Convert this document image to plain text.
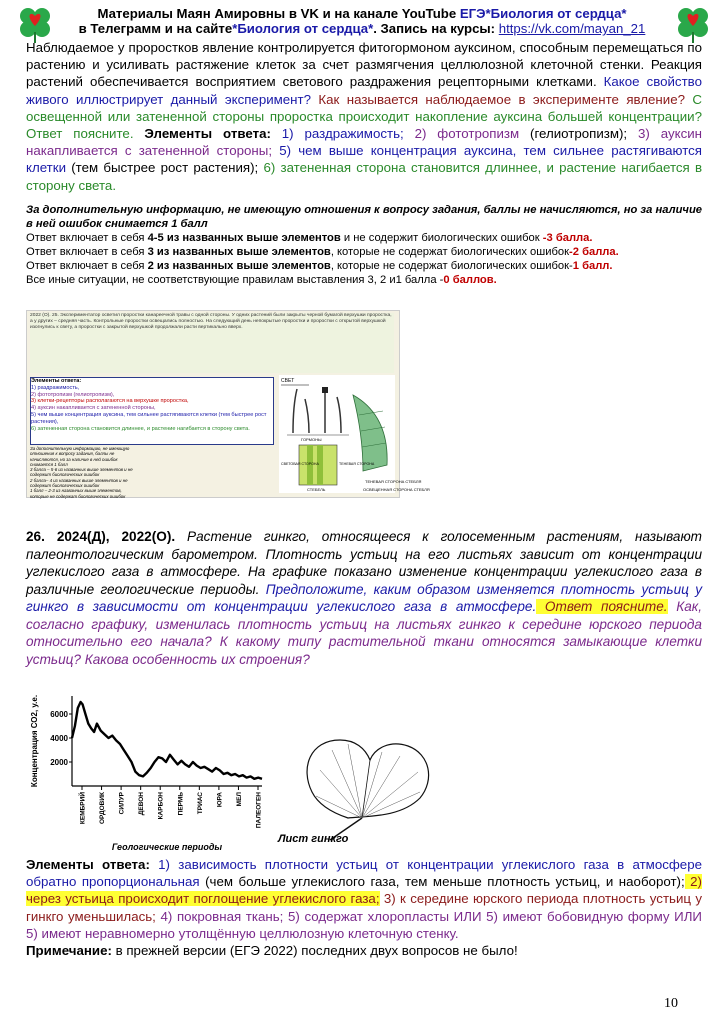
Материалы Маян Амировны в VK и на канале YouTube ЕГЭ*Биология от сердца*
в Телеграмм и на сайте*Биология от сердца*. Запись на курсы: https://vk.com/mayan_21
Наблюдаемое у проростков явление контролируется фитогормоном ауксином, способным перемещаться по растению и усиливать растяжение клеток за счет размягчения целлюлозной клеточной стенки. Реакция растений обеспечивается восприятием светового раздражения рецепторными клетками. Какое свойство живого иллюстрирует данный эксперимент? Как называется наблюдаемое в эксперименте явление? С освещенной или затененной стороны проростка происходит накопление ауксина большей концентрации? Ответ поясните. Элементы ответа: 1) раздражимость; 2) фототропизм (гелиотропизм); 3) ауксин накапливается с затененной стороны; 5) чем выше концентрация ауксина, тем сильнее растягиваются клетки (тем быстрее рост растения); 6) затененная сторона становится длиннее, и растение нагибается в сторону света.
За дополнительную информацию, не имеющую отношения к вопросу задания, баллы не начисляются, но за наличие в ней ошибок снимается 1 балл
Ответ включает в себя 4-5 из названных выше элементов и не содержит биологических ошибок -3 балла.
Ответ включает в себя 3 из названных выше элементов, которые не содержат биологических ошибок-2 балла.
Ответ включает в себя 2 из названных выше элементов, которые не содержат биологических ошибок-1 балл.
Все иные ситуации, не соответствующие правилам выставления 3, 2 и1 балла -0 баллов.
2022 (О). 25. Экспериментатор осветил проростки канареечной травы с одной стороны. У одних растений были закрыты черной бумагой верхушки проростка, а у других – средняя часть. Контрольные проростки освещались полностью. На следующий день непокрытые проростки и проростки с открытой верхушкой изогнулись к свету, а проростки с закрытой верхушкой продолжали расти вертикально вверх.
Элементы ответа:
1) раздражимость,
2) фототропизм (гелиотропизм),
3) клетки-рецепторы располагаются на верхушке проростка,
4) ауксин накапливается с затененной стороны,
5) чем выше концентрация ауксина, тем сильнее растягиваются клетки (тем быстрее рост растения),
6) затененная сторона становится длиннее, и растение нагибается в сторону света.
За дополнительную информацию, не имеющую отношения к вопросу задания, баллы не начисляются, но за наличие в ней ошибок снимается 1 балл
3 балла – 5-6 из названных выше элементов и не содержит биологических ошибок
2 балла– 4 из названных выше элементов и не содержит биологических ошибок
1 балл – 2-3 из названных выше элементов, которые не содержат биологических ошибок
СВЕТ
ТЕНЕВАЯ СТОРОНА СТЕБЛЯ
ОСВЕЩЕННАЯ СТОРОНА СТЕБЛЯ
ГОРМОНЫ
СВЕТОВАЯ СТОРОНА	ТЕНЕВАЯ СТОРОНА
СТЕБЕЛЬ
26. 2024(Д), 2022(О). Растение гинкго, относящееся к голосеменным растениям, называют палеонтологическим барометром. Плотность устьиц на его листьях зависит от концентрации углекислого газа в атмосфере. На графике показано изменение концентрации углекислого газа в различные геологические периоды. Предположите, каким образом изменяется плотность устьиц у гинкго в зависимости от концентрации углекислого газа в атмосфере. Ответ поясните. Как, согласно графику, изменилась плотность устьиц на листьях гинкго к середине юрского периода относительно его начала? К какому типу растительной ткани относятся замыкающие клетки устьиц? Какова особенность их строения?
2000
4000
6000
Концентрация СО2, у.е.
КЕМБРИЙ ОРДОВИК СИЛУР ДЕВОН КАРБОН ПЕРМЬ ТРИАС ЮРА МЕЛ ПАЛЕОГЕН
Геологические периоды
Лист гинкго
Элементы ответа: 1) зависимость плотности устьиц от концентрации углекислого газа в атмосфере обратно пропорциональная (чем больше углекислого газа, тем меньше плотность устьиц, и наоборот); 2) через устьица происходит поглощение углекислого газа; 3) к середине юрского периода плотность устьиц у гинкго уменьшилась; 4) покровная ткань; 5) содержат хлоропласты ИЛИ 5) имеют бобовидную форму ИЛИ 5) имеют неравномерно утолщённую целлюлозную клеточную стенку.
Примечание: в прежней версии (ЕГЭ 2022) последних двух вопросов не было!
10
